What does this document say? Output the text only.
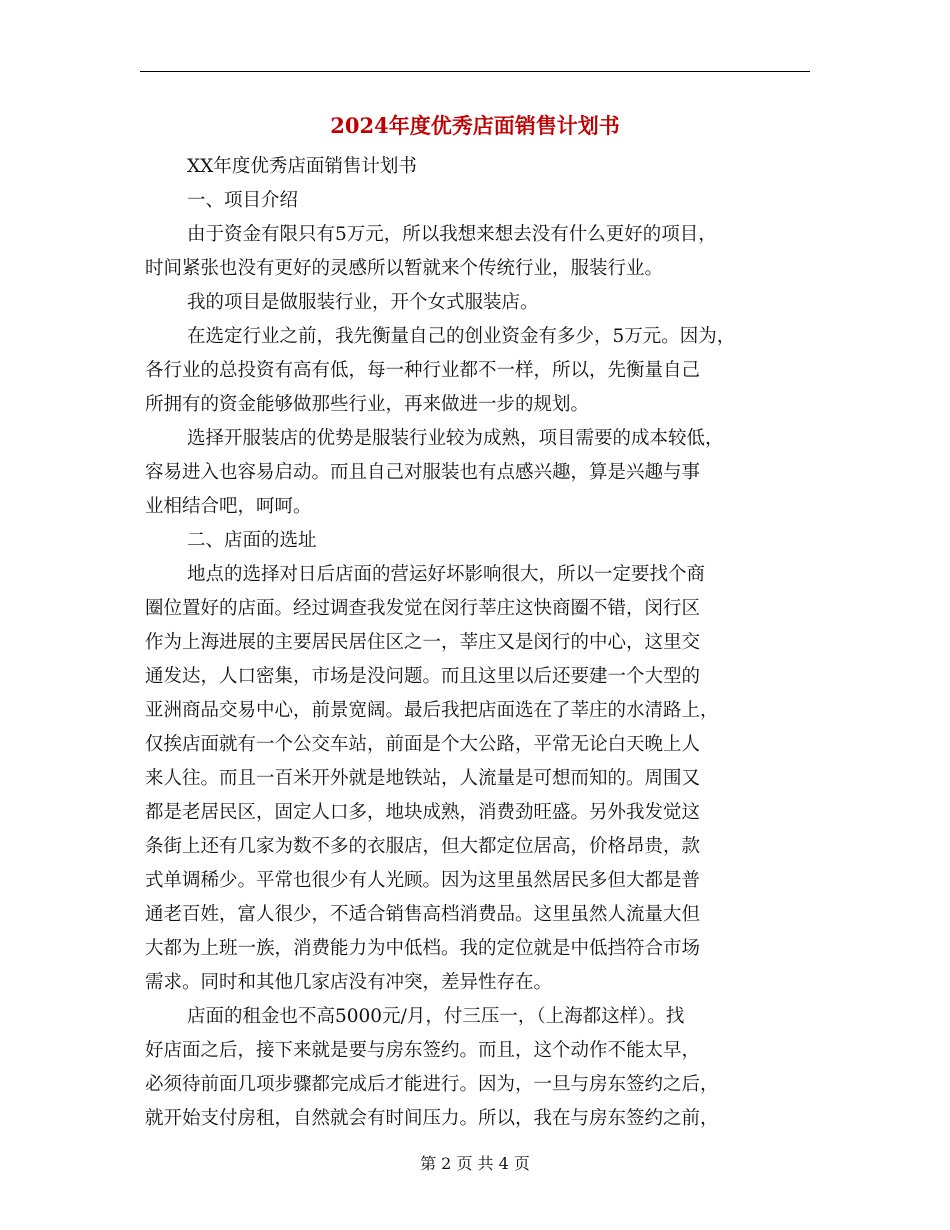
2024年度优秀店面销售计划书
XX年度优秀店面销售计划书
一、项目介绍
由于资金有限只有5万元，所以我想来想去没有什么更好的项目，
时间紧张也没有更好的灵感所以暂就来个传统行业，服装行业。
我的项目是做服装行业，开个女式服装店。
在选定行业之前，我先衡量自己的创业资金有多少，5万元。因为，
各行业的总投资有高有低，每一种行业都不一样，所以，先衡量自己
所拥有的资金能够做那些行业，再来做进一步的规划。
选择开服装店的优势是服装行业较为成熟，项目需要的成本较低，
容易进入也容易启动。而且自己对服装也有点感兴趣，算是兴趣与事
业相结合吧，呵呵。
二、店面的选址
地点的选择对日后店面的营运好坏影响很大，所以一定要找个商
圈位置好的店面。经过调查我发觉在闵行莘庄这快商圈不错，闵行区
作为上海进展的主要居民居住区之一，莘庄又是闵行的中心，这里交
通发达，人口密集，市场是没问题。而且这里以后还要建一个大型的
亚洲商品交易中心，前景宽阔。最后我把店面选在了莘庄的水清路上，
仅挨店面就有一个公交车站，前面是个大公路，平常无论白天晚上人
来人往。而且一百米开外就是地铁站，人流量是可想而知的。周围又
都是老居民区，固定人口多，地块成熟，消费劲旺盛。另外我发觉这
条街上还有几家为数不多的衣服店，但大都定位居高，价格昂贵，款
式单调稀少。平常也很少有人光顾。因为这里虽然居民多但大都是普
通老百姓，富人很少，不适合销售高档消费品。这里虽然人流量大但
大都为上班一族，消费能力为中低档。我的定位就是中低挡符合市场
需求。同时和其他几家店没有冲突，差异性存在。
店面的租金也不高5000元/月，付三压一，（上海都这样）。找
好店面之后，接下来就是要与房东签约。而且，这个动作不能太早，
必须待前面几项步骤都完成后才能进行。因为，一旦与房东签约之后，
就开始支付房租，自然就会有时间压力。所以，我在与房东签约之前，
第 2 页 共 4 页
